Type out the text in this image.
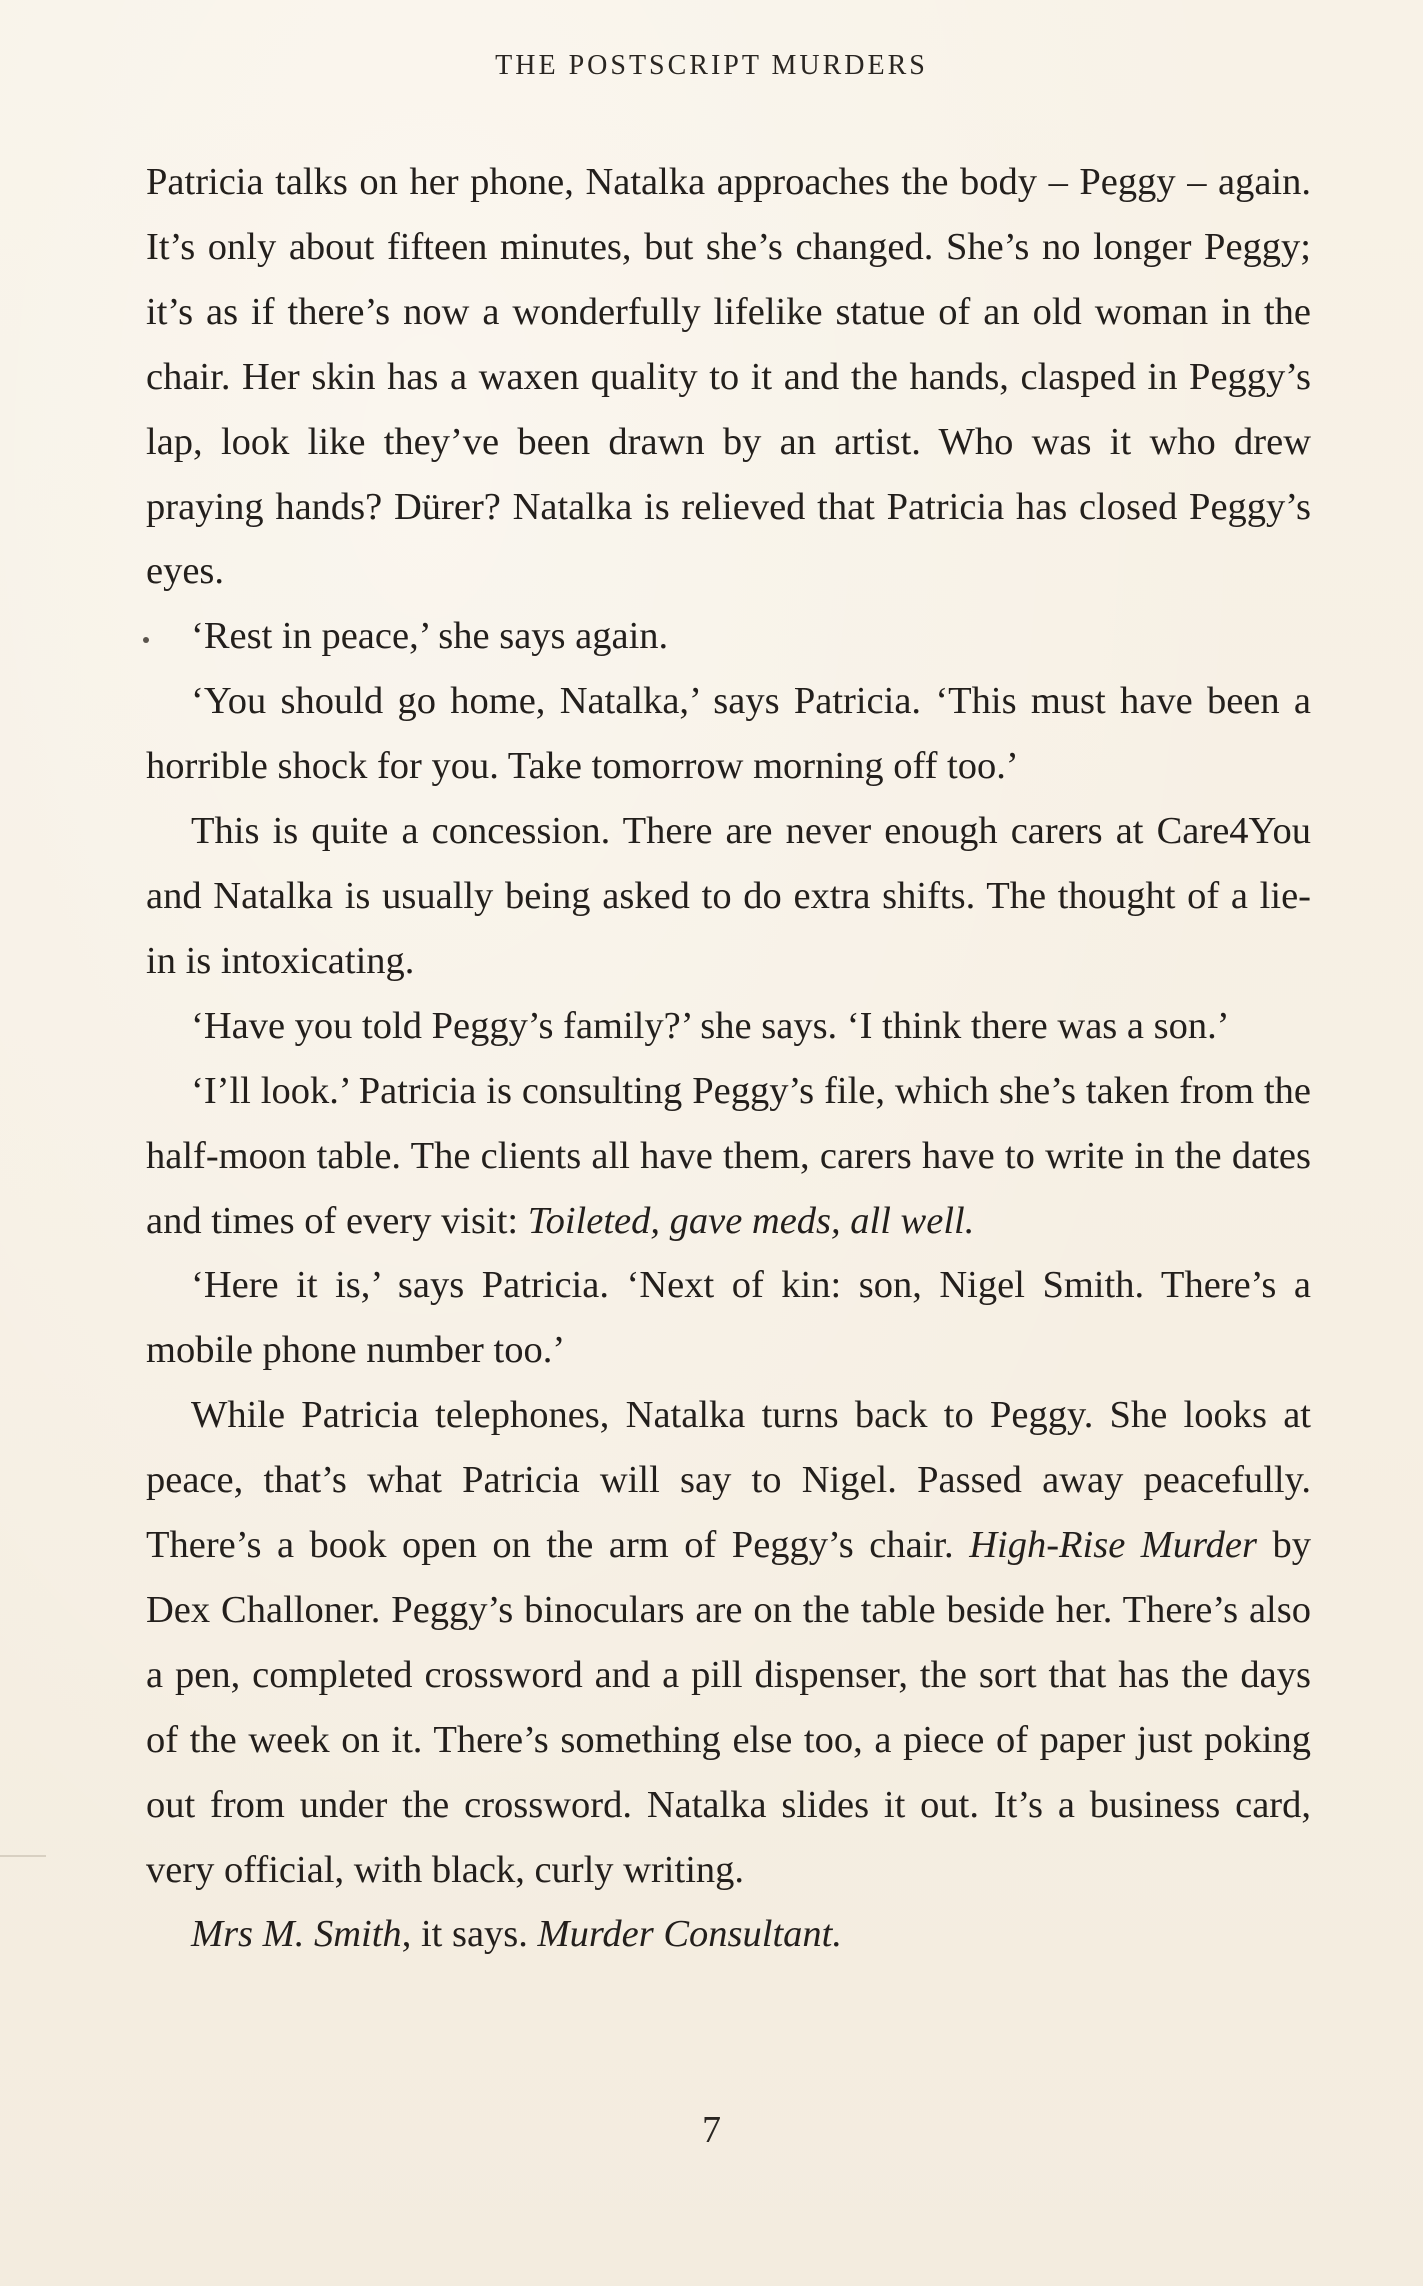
THE POSTSCRIPT MURDERS

Patricia talks on her phone, Natalka approaches the body – Peggy – again. It’s only about fifteen minutes, but she’s changed. She’s no longer Peggy; it’s as if there’s now a wonderfully lifelike statue of an old woman in the chair. Her skin has a waxen quality to it and the hands, clasped in Peggy’s lap, look like they’ve been drawn by an artist. Who was it who drew praying hands? Dürer? Natalka is relieved that Patricia has closed Peggy’s eyes.

‘Rest in peace,’ she says again.

‘You should go home, Natalka,’ says Patricia. ‘This must have been a horrible shock for you. Take tomorrow morning off too.’

This is quite a concession. There are never enough carers at Care4You and Natalka is usually being asked to do extra shifts. The thought of a lie-in is intoxicating.

‘Have you told Peggy’s family?’ she says. ‘I think there was a son.’

‘I’ll look.’ Patricia is consulting Peggy’s file, which she’s taken from the half-moon table. The clients all have them, carers have to write in the dates and times of every visit: Toileted, gave meds, all well.

‘Here it is,’ says Patricia. ‘Next of kin: son, Nigel Smith. There’s a mobile phone number too.’

While Patricia telephones, Natalka turns back to Peggy. She looks at peace, that’s what Patricia will say to Nigel. Passed away peacefully. There’s a book open on the arm of Peggy’s chair. High-Rise Murder by Dex Challoner. Peggy’s binoculars are on the table beside her. There’s also a pen, completed crossword and a pill dispenser, the sort that has the days of the week on it. There’s something else too, a piece of paper just poking out from under the crossword. Natalka slides it out. It’s a business card, very official, with black, curly writing.

Mrs M. Smith, it says. Murder Consultant.

7
